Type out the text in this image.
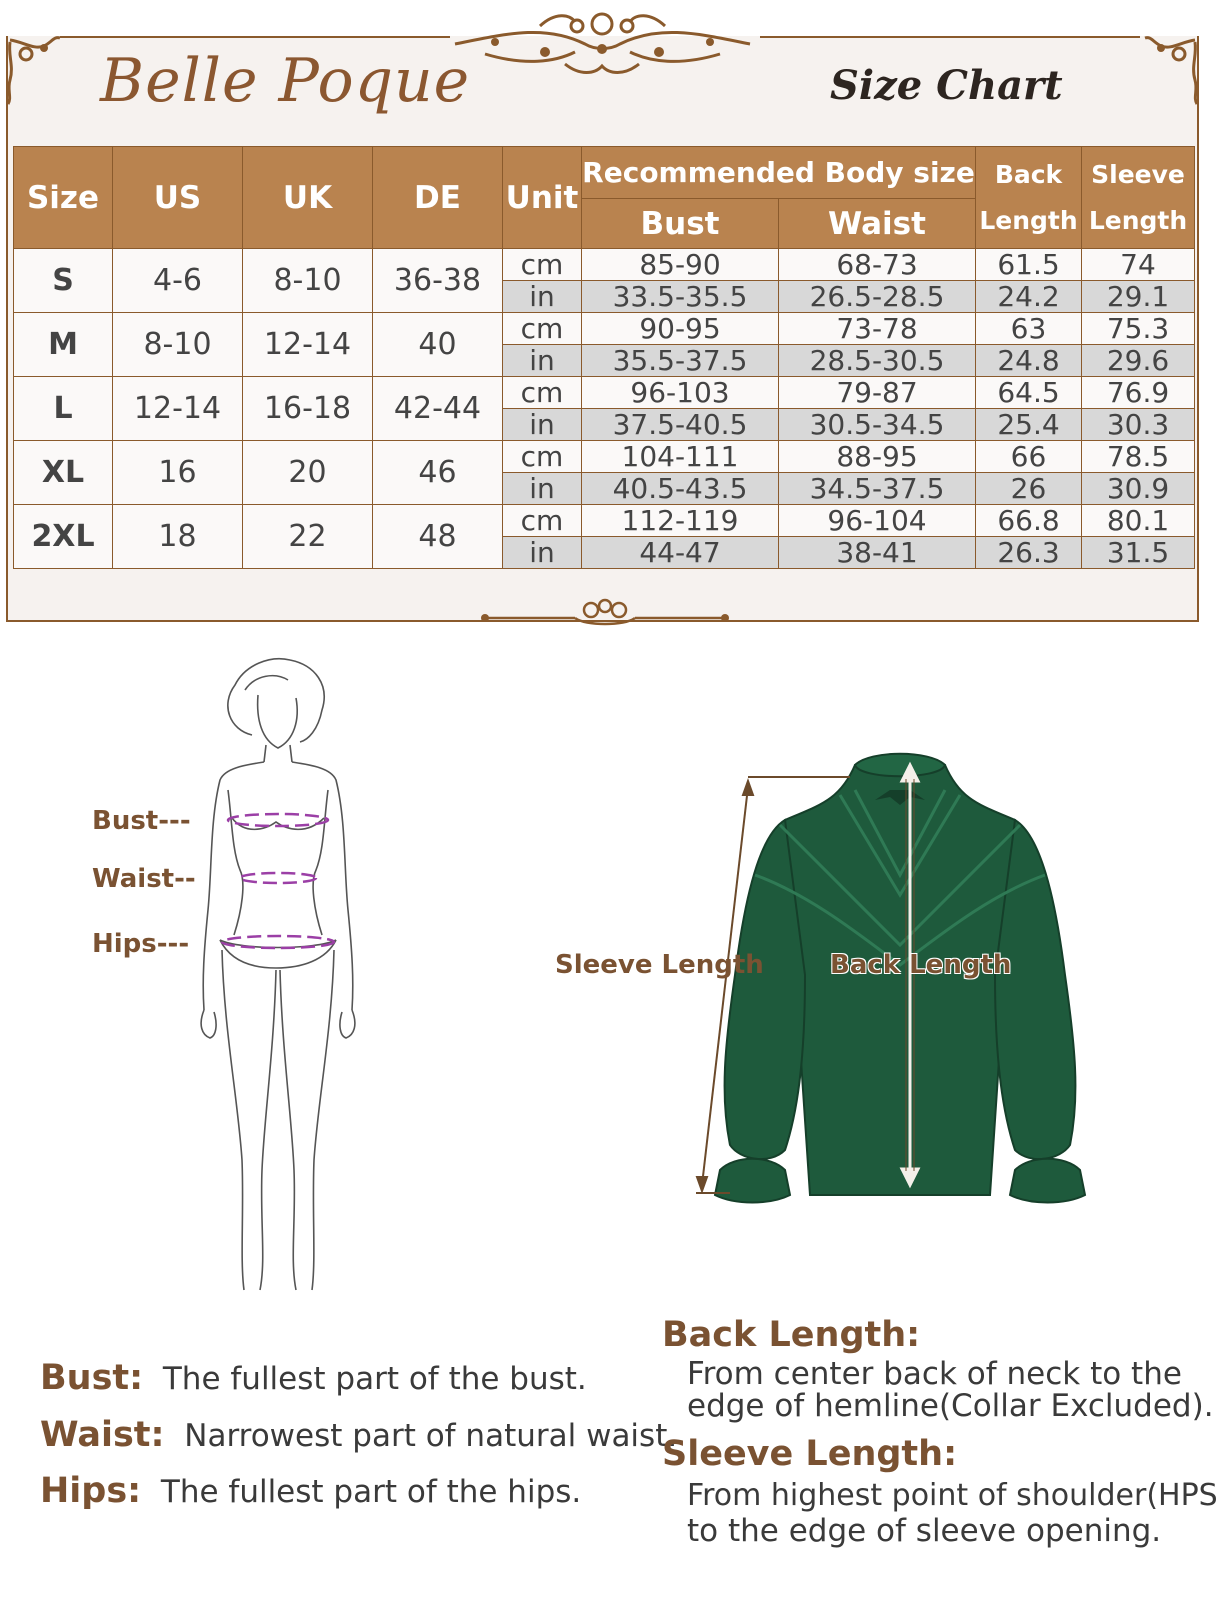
Belle Poque	Size Chart
Size	US	UK	DE	Unit	Recommended Body size		Back Length	Sleeve Length
					Bust	Waist		
S	4-6	8-10	36-38	cm	85-90	68-73	61.5	74
				in	33.5-35.5	26.5-28.5	24.2	29.1
M	8-10	12-14	40	cm	90-95	73-78	63	75.3
				in	35.5-37.5	28.5-30.5	24.8	29.6
L	12-14	16-18	42-44	cm	96-103	79-87	64.5	76.9
				in	37.5-40.5	30.5-34.5	25.4	30.3
XL	16	20	46	cm	104-111	88-95	66	78.5
				in	40.5-43.5	34.5-37.5	26	30.9
2XL	18	22	48	cm	112-119	96-104	66.8	80.1
				in	44-47	38-41	26.3	31.5
Bust---
Waist--
Hips---
Sleeve Length	Back Length
Bust: The fullest part of the bust.
Waist: Narrowest part of natural waist.
Hips: The fullest part of the hips.
Back Length:
From center back of neck to the
edge of hemline(Collar Excluded).
Sleeve Length:
From highest point of shoulder(HPS
to the edge of sleeve opening.
